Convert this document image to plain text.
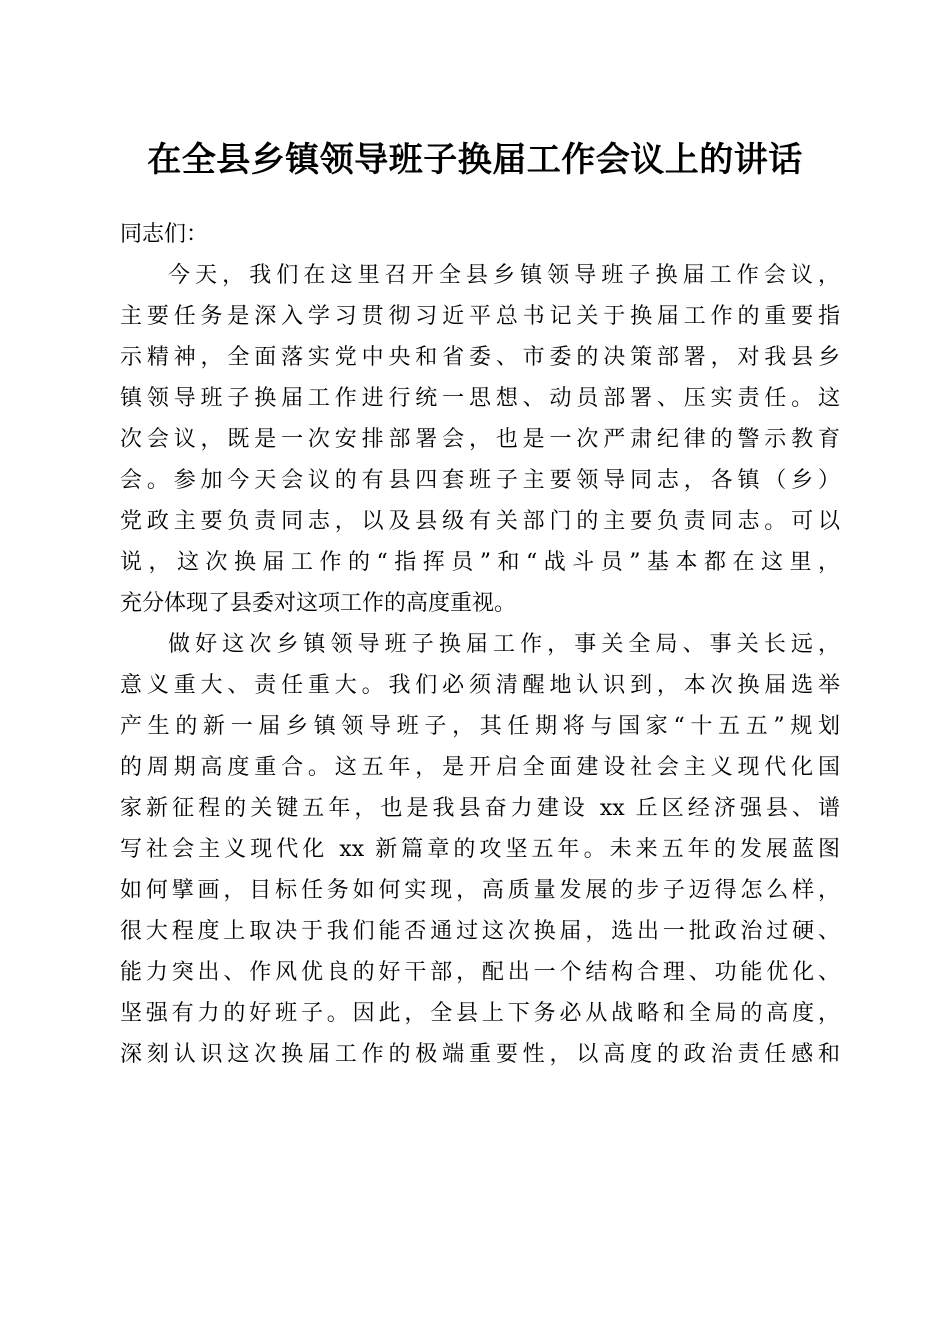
在全县乡镇领导班子换届工作会议上的讲话
同志们：
今天，我们在这里召开全县乡镇领导班子换届工作会议，
主要任务是深入学习贯彻习近平总书记关于换届工作的重要指
示精神，全面落实党中央和省委、市委的决策部署，对我县乡
镇领导班子换届工作进行统一思想、动员部署、压实责任。这
次会议，既是一次安排部署会，也是一次严肃纪律的警示教育
会。参加今天会议的有县四套班子主要领导同志，各镇（乡）
党政主要负责同志，以及县级有关部门的主要负责同志。可以
说，这次换届工作的“指挥员”和“战斗员”基本都在这里，
充分体现了县委对这项工作的高度重视。
做好这次乡镇领导班子换届工作，事关全局、事关长远，
意义重大、责任重大。我们必须清醒地认识到，本次换届选举
产生的新一届乡镇领导班子，其任期将与国家“十五五”规划
的周期高度重合。这五年，是开启全面建设社会主义现代化国
家新征程的关键五年，也是我县奋力建设 xx 丘区经济强县、谱
写社会主义现代化 xx 新篇章的攻坚五年。未来五年的发展蓝图
如何擘画，目标任务如何实现，高质量发展的步子迈得怎么样，
很大程度上取决于我们能否通过这次换届，选出一批政治过硬、
能力突出、作风优良的好干部，配出一个结构合理、功能优化、
坚强有力的好班子。因此，全县上下务必从战略和全局的高度，
深刻认识这次换届工作的极端重要性，以高度的政治责任感和
